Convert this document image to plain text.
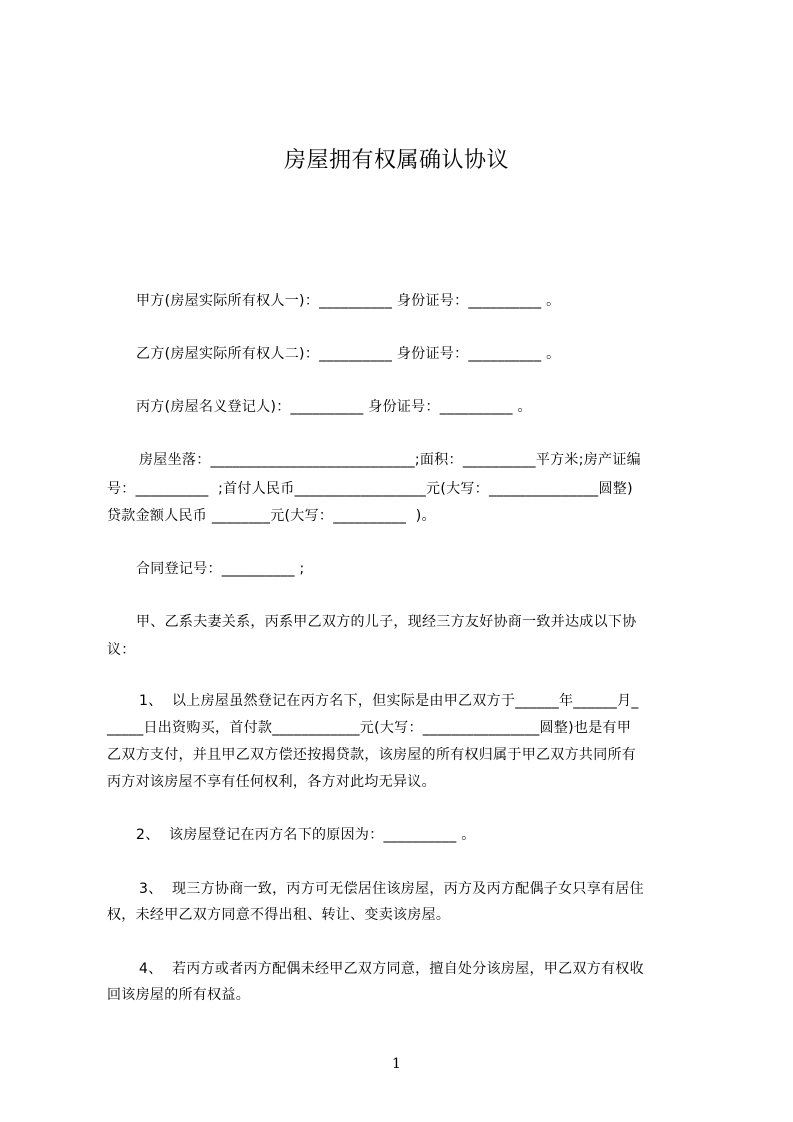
房屋拥有权属确认协议
甲方(房屋实际所有权人一)：__________ 身份证号：__________ 。
乙方(房屋实际所有权人二)：__________ 身份证号：__________ 。
丙方(房屋名义登记人)：__________ 身份证号：__________ 。
房屋坐落：____________________________;面积：__________平方米;房产证编
号：__________  ;首付人民币__________________元(大写：_______________圆整)
贷款金额人民币 ________元(大写：__________  )。
合同登记号：__________ ;
甲、乙系夫妻关系，丙系甲乙双方的儿子，现经三方友好协商一致并达成以下协
议：
1、  以上房屋虽然登记在丙方名下，但实际是由甲乙双方于______年______月_
_____日出资购买，首付款____________元(大写：________________圆整)也是有甲
乙双方支付，并且甲乙双方偿还按揭贷款，该房屋的所有权归属于甲乙双方共同所有
丙方对该房屋不享有任何权利，各方对此均无异议。
2、  该房屋登记在丙方名下的原因为：__________ 。
3、  现三方协商一致，丙方可无偿居住该房屋，丙方及丙方配偶子女只享有居住
权，未经甲乙双方同意不得出租、转让、变卖该房屋。
4、  若丙方或者丙方配偶未经甲乙双方同意，擅自处分该房屋，甲乙双方有权收
回该房屋的所有权益。
1
